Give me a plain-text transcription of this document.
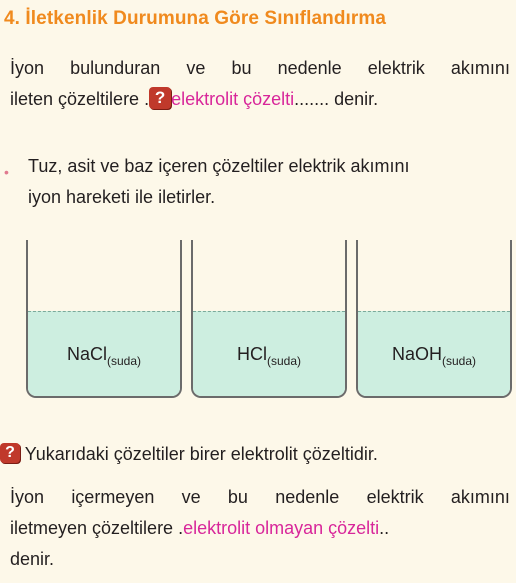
4. İletkenlik Durumuna Göre Sınıflandırma
İyon bulunduran ve bu nedenle elektrik akımını
ileten çözeltilere . ? elektrolit çözelti....... denir.
• Tuz, asit ve baz içeren çözeltiler elektrik akımını
iyon hareketi ile iletirler.
NaCl$_{(suda)}$	HCl$_{(suda)}$	NaOH$_{(suda)}$
? Yukarıdaki çözeltiler birer elektrolit çözeltidir.
İyon içermeyen ve bu nedenle elektrik akımını
iletmeyen çözeltilere .elektrolit olmayan çözelti..
denir.
